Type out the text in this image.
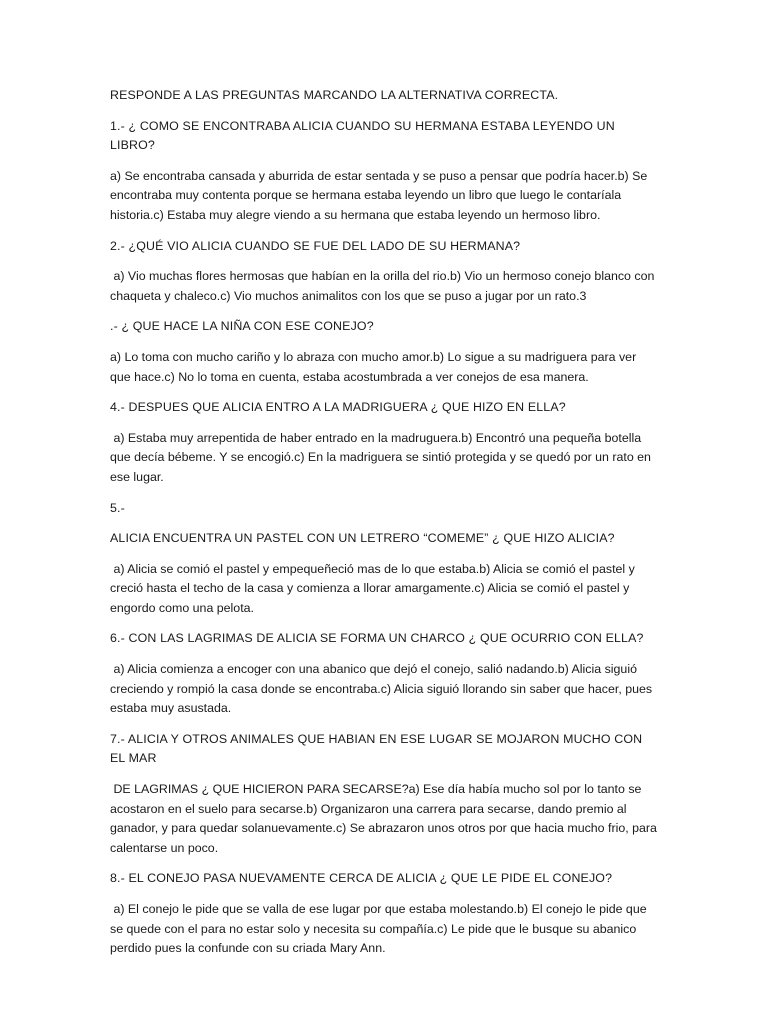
RESPONDE A LAS PREGUNTAS MARCANDO LA ALTERNATIVA CORRECTA.

1.- ¿ COMO SE ENCONTRABA ALICIA CUANDO SU HERMANA ESTABA LEYENDO UN LIBRO?

a) Se encontraba cansada y aburrida de estar sentada y se puso a pensar que podría hacer.b) Se encontraba muy contenta porque se hermana estaba leyendo un libro que luego le contaríala historia.c) Estaba muy alegre viendo a su hermana que estaba leyendo un hermoso libro.

2.- ¿QUÉ VIO ALICIA CUANDO SE FUE DEL LADO DE SU HERMANA?

a) Vio muchas flores hermosas que habían en la orilla del rio.b) Vio un hermoso conejo blanco con chaqueta y chaleco.c) Vio muchos animalitos con los que se puso a jugar por un rato.3

.- ¿ QUE HACE LA NIÑA CON ESE CONEJO?

a) Lo toma con mucho cariño y lo abraza con mucho amor.b) Lo sigue a su madriguera para ver que hace.c) No lo toma en cuenta, estaba acostumbrada a ver conejos de esa manera.

4.- DESPUES QUE ALICIA ENTRO A LA MADRIGUERA ¿ QUE HIZO EN ELLA?

a) Estaba muy arrepentida de haber entrado en la madruguera.b) Encontró una pequeña botella que decía bébeme. Y se encogió.c) En la madriguera se sintió protegida y se quedó por un rato en ese lugar.

5.-

ALICIA ENCUENTRA UN PASTEL CON UN LETRERO “COMEME” ¿ QUE HIZO ALICIA?

a) Alicia se comió el pastel y empequeñeció mas de lo que estaba.b) Alicia se comió el pastel y creció hasta el techo de la casa y comienza a llorar amargamente.c) Alicia se comió el pastel y engordo como una pelota.

6.- CON LAS LAGRIMAS DE ALICIA SE FORMA UN CHARCO ¿ QUE OCURRIO CON ELLA?

a) Alicia comienza a encoger con una abanico que dejó el conejo, salió nadando.b) Alicia siguió creciendo y rompió la casa donde se encontraba.c) Alicia siguió llorando sin saber que hacer, pues estaba muy asustada.

7.- ALICIA Y OTROS ANIMALES QUE HABIAN EN ESE LUGAR SE MOJARON MUCHO CON EL MAR

DE LAGRIMAS ¿ QUE HICIERON PARA SECARSE?a) Ese día había mucho sol por lo tanto se acostaron en el suelo para secarse.b) Organizaron una carrera para secarse, dando premio al ganador, y para quedar solanuevamente.c) Se abrazaron unos otros por que hacia mucho frio, para calentarse un poco.

8.- EL CONEJO PASA NUEVAMENTE CERCA DE ALICIA ¿ QUE LE PIDE EL CONEJO?

a) El conejo le pide que se valla de ese lugar por que estaba molestando.b) El conejo le pide que se quede con el para no estar solo y necesita su compañía.c) Le pide que le busque su abanico perdido pues la confunde con su criada Mary Ann.
